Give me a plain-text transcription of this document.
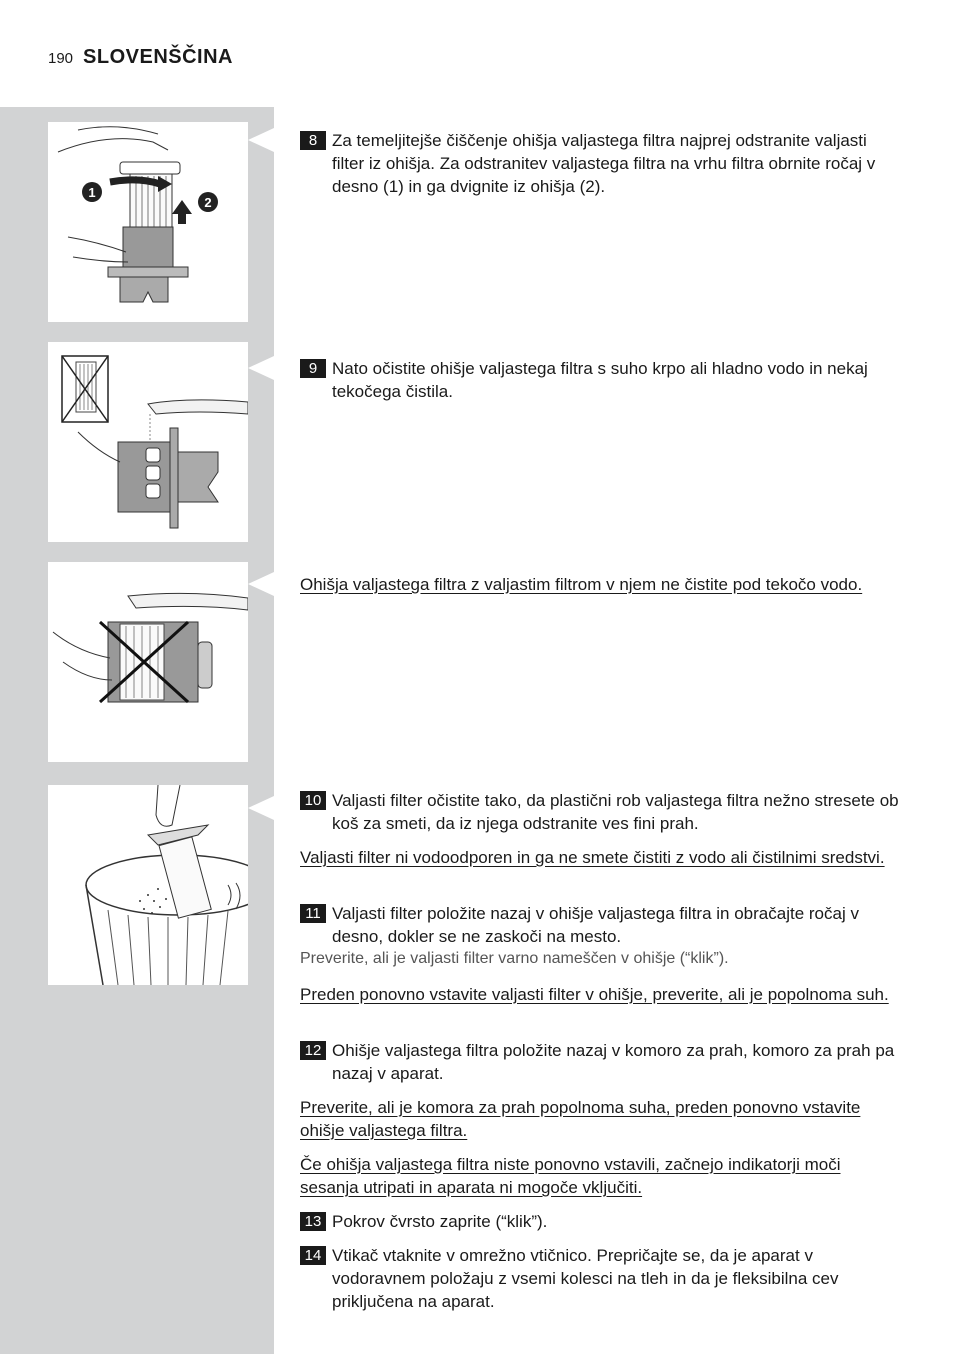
190 SLOVENŠČINA
1
2
8 Za temeljitejše čiščenje ohišja valjastega filtra najprej odstranite valjasti filter iz ohišja. Za odstranitev valjastega filtra na vrhu filtra obrnite ročaj v desno (1) in ga dvignite iz ohišja (2).
9 Nato očistite ohišje valjastega filtra s suho krpo ali hladno vodo in nekaj tekočega čistila.
Ohišja valjastega filtra z valjastim filtrom v njem ne čistite pod tekočo vodo.
10 Valjasti filter očistite tako, da plastični rob valjastega filtra nežno stresete ob koš za smeti, da iz njega odstranite ves fini prah.
Valjasti filter ni vodoodporen in ga ne smete čistiti z vodo ali čistilnimi sredstvi.
11 Valjasti filter položite nazaj v ohišje valjastega filtra in obračajte ročaj v desno, dokler se ne zaskoči na mesto.
Preverite, ali je valjasti filter varno nameščen v ohišje (“klik”).
Preden ponovno vstavite valjasti filter v ohišje, preverite, ali je popolnoma suh.
12 Ohišje valjastega filtra položite nazaj v komoro za prah, komoro za prah pa nazaj v aparat.
Preverite, ali je komora za prah popolnoma suha, preden ponovno vstavite ohišje valjastega filtra.
Če ohišja valjastega filtra niste ponovno vstavili, začnejo indikatorji moči sesanja utripati in aparata ni mogoče vključiti.
13 Pokrov čvrsto zaprite (“klik”).
14 Vtikač vtaknite v omrežno vtičnico. Prepričajte se, da je aparat v vodoravnem položaju z vsemi kolesci na tleh in da je fleksibilna cev priključena na aparat.
